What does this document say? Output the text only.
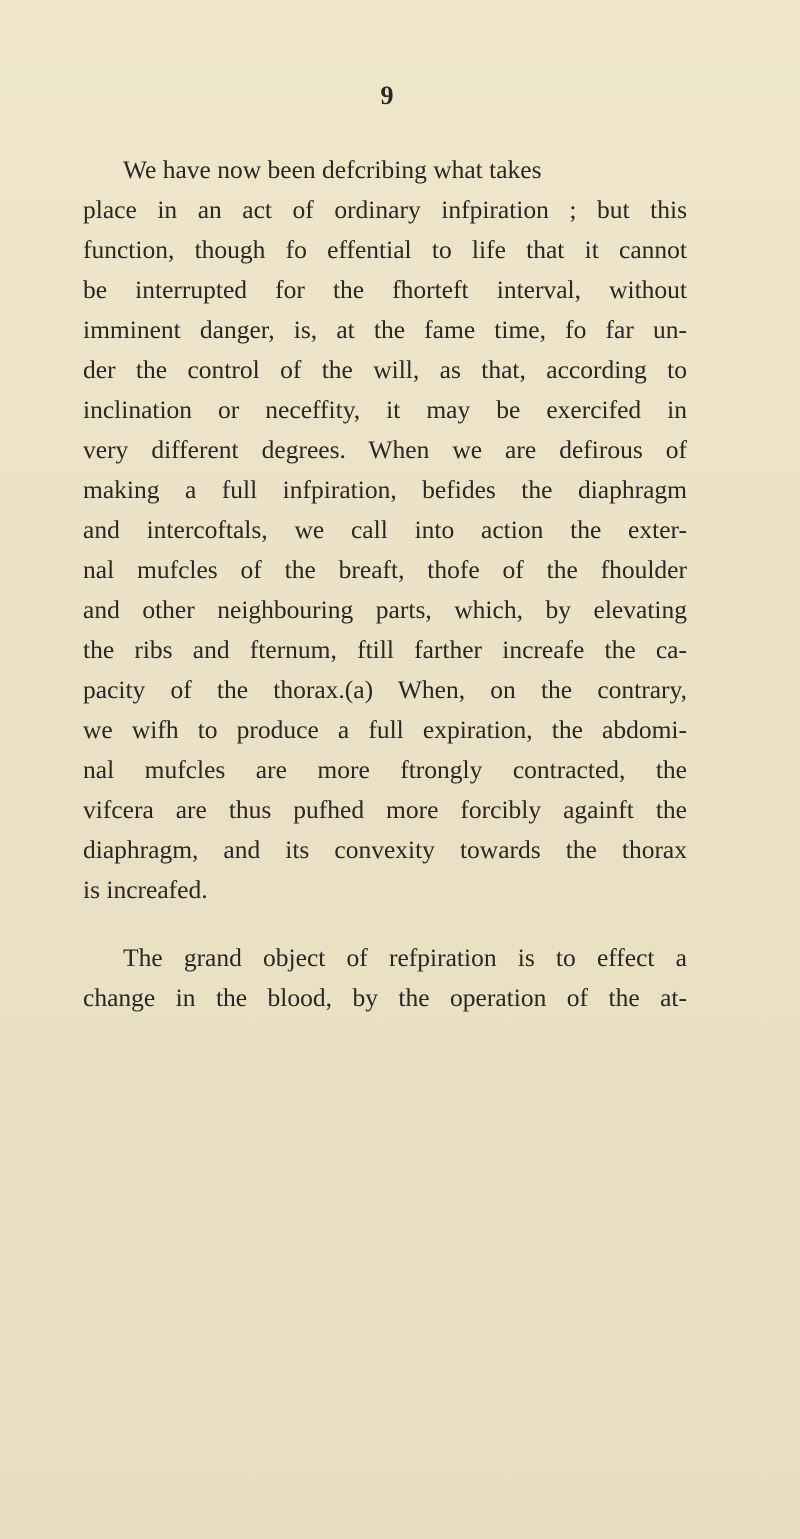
9
We have now been defcribing what takes
place in an act of ordinary infpiration ; but this
function, though fo effential to life that it cannot
be interrupted for the fhorteft interval, without
imminent danger, is, at the fame time, fo far un-
der the control of the will, as that, according to
inclination or neceffity, it may be exercifed in
very different degrees. When we are defirous of
making a full infpiration, befides the diaphragm
and intercoftals, we call into action the exter-
nal mufcles of the breaft, thofe of the fhoulder
and other neighbouring parts, which, by elevating
the ribs and fternum, ftill farther increafe the ca-
pacity of the thorax.(a) When, on the contrary,
we wifh to produce a full expiration, the abdomi-
nal mufcles are more ftrongly contracted, the
vifcera are thus pufhed more forcibly againft the
diaphragm, and its convexity towards the thorax
is increafed.
The grand object of refpiration is to effect a
change in the blood, by the operation of the at-
